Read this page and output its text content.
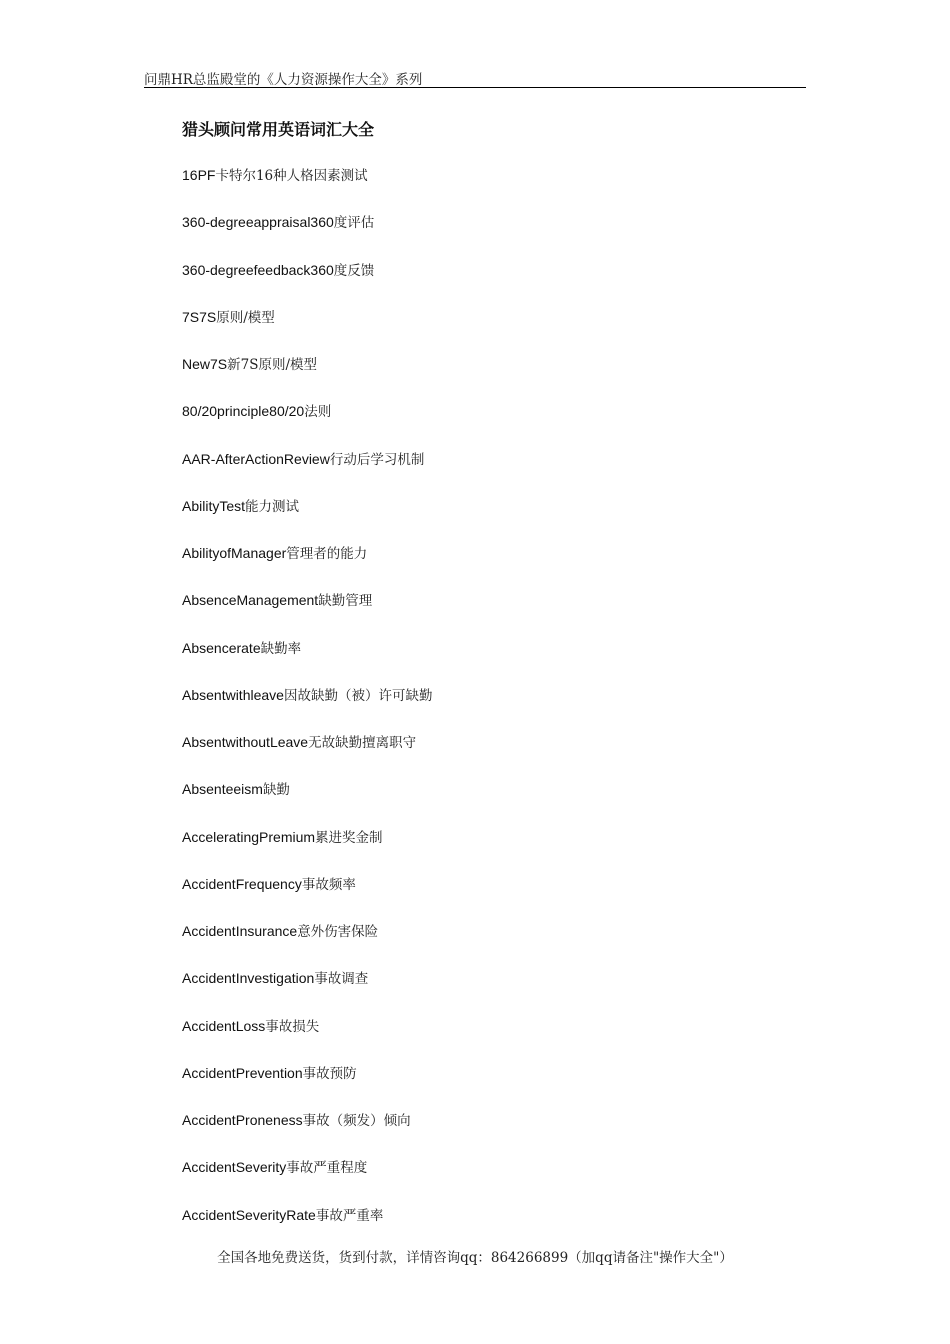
问鼎HR总监殿堂的《人力资源操作大全》系列
猎头顾问常用英语词汇大全
16PF卡特尔16种人格因素测试
360-degreeappraisal360度评估
360-degreefeedback360度反馈
7S7S原则/模型
New7S新7S原则/模型
80/20principle80/20法则
AAR-AfterActionReview行动后学习机制
AbilityTest能力测试
AbilityofManager管理者的能力
AbsenceManagement缺勤管理
Absencerate缺勤率
Absentwithleave因故缺勤（被）许可缺勤
AbsentwithoutLeave无故缺勤擅离职守
Absenteeism缺勤
AcceleratingPremium累进奖金制
AccidentFrequency事故频率
AccidentInsurance意外伤害保险
AccidentInvestigation事故调查
AccidentLoss事故损失
AccidentPrevention事故预防
AccidentProneness事故（频发）倾向
AccidentSeverity事故严重程度
AccidentSeverityRate事故严重率
全国各地免费送货，货到付款，详情咨询qq：864266899（加qq请备注"操作大全"）
